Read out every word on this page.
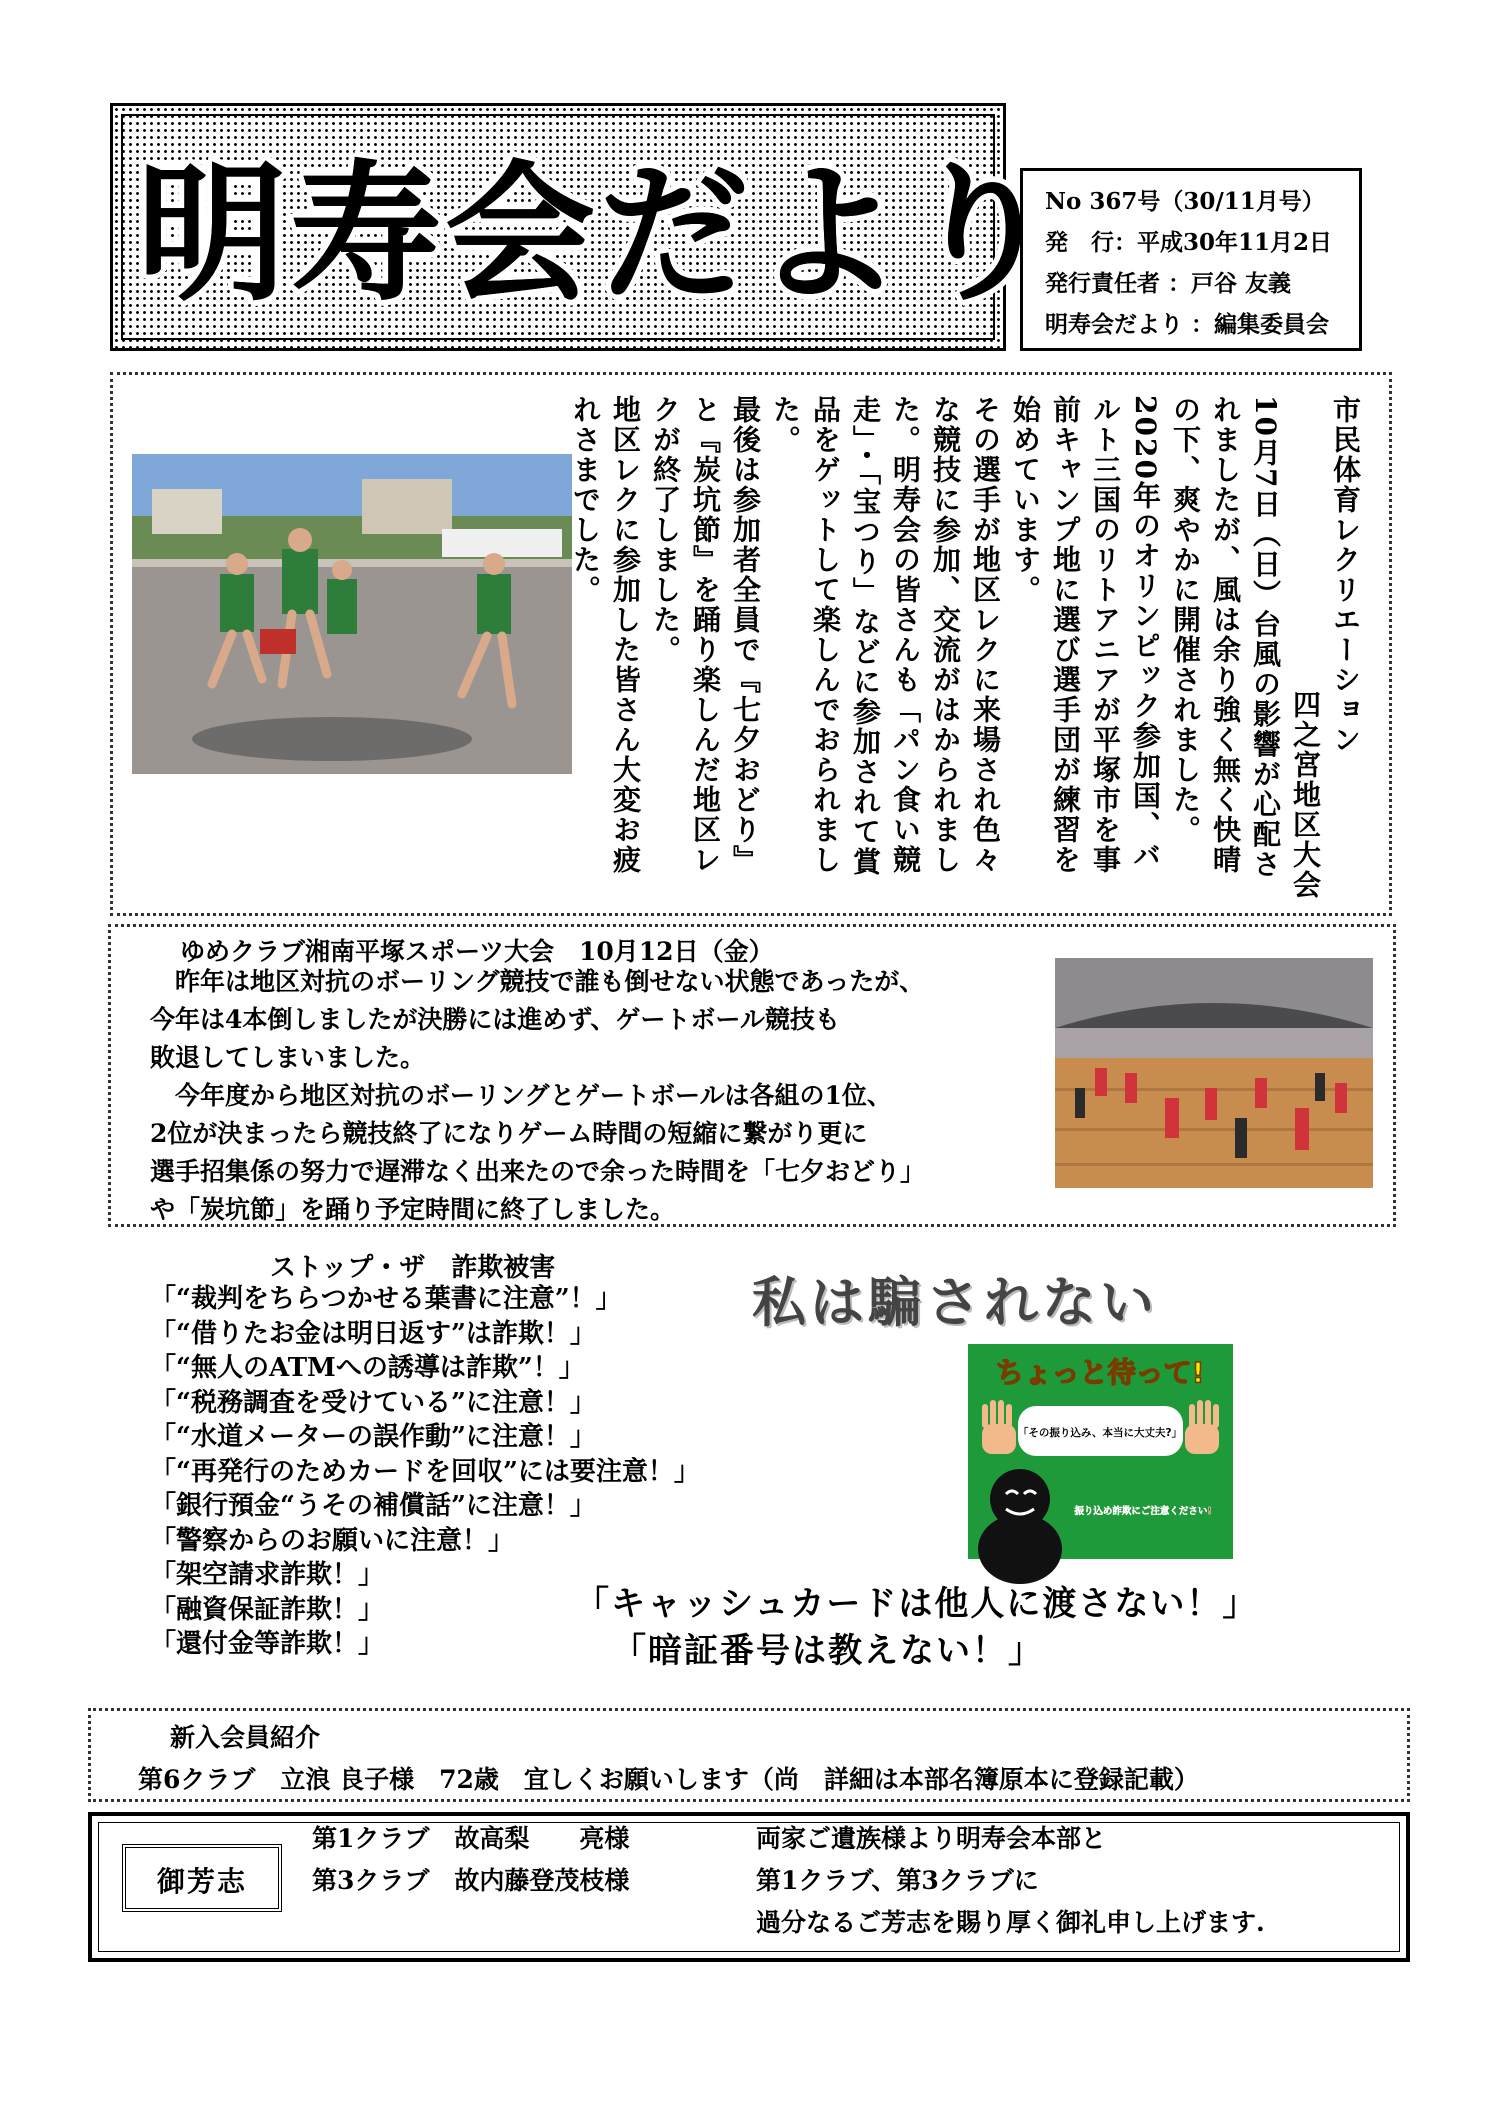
明寿会だより
No 367号（30/11月号）
発　行：平成30年11月2日
発行責任者 ：戸谷 友義
明寿会だより ：編集委員会

市民体育レクリエーション

四之宮地区大会

10月7日（日）台風の影響が心配されましたが、風は余り強く無く快晴の下、爽やかに開催されました。

2020年のオリンピック参加国、バルト三国のリトアニアが平塚市を事前キャンプ地に選び選手団が練習を始めています。

その選手が地区レクに来場され色々な競技に参加、交流がはかられました。明寿会の皆さんも「パン食い競走」・「宝つり」などに参加されて賞品をゲットして楽しんでおられました。

最後は参加者全員で『七夕おどり』と『炭坑節』を踊り楽しんだ地区レクが終了しました。

地区レクに参加した皆さん大変お疲れさまでした。

ゆめクラブ湘南平塚スポーツ大会　10月12日（金）

　昨年は地区対抗のボーリング競技で誰も倒せない状態であったが、

今年は4本倒しましたが決勝には進めず、ゲートボール競技も

敗退してしまいました。

　今年度から地区対抗のボーリングとゲートボールは各組の1位、

2位が決まったら競技終了になりゲーム時間の短縮に繋がり更に

選手招集係の努力で遅滞なく出来たので余った時間を「七夕おどり」

や「炭坑節」を踊り予定時間に終了しました。

ストップ・ザ　詐欺被害
「“裁判をちらつかせる葉書に注意”！」
「“借りたお金は明日返す”は詐欺！」
「“無人のATMへの誘導は詐欺”！」
「“税務調査を受けている”に注意！」
「“水道メーターの誤作動”に注意！」
「“再発行のためカードを回収”には要注意！」
「銀行預金“うその補償話”に注意！」
「警察からのお願いに注意！」
「架空請求詐欺！」
「融資保証詐欺！」
「還付金等詐欺！」
私は騙されない
ちょっと待って!
「その振り込み、本当に大丈夫?」
振り込め詐欺にご注意ください!
「キャッシュカードは他人に渡さない！」
「暗証番号は教えない！」
新入会員紹介
第6クラブ　立浪 良子様　72歳　宜しくお願いします（尚　詳細は本部名簿原本に登録記載）
御芳志
第1クラブ　故高梨　　亮様
第3クラブ　故内藤登茂枝様
両家ご遺族様より明寿会本部と
第1クラブ、第3クラブに
過分なるご芳志を賜り厚く御礼申し上げます.
